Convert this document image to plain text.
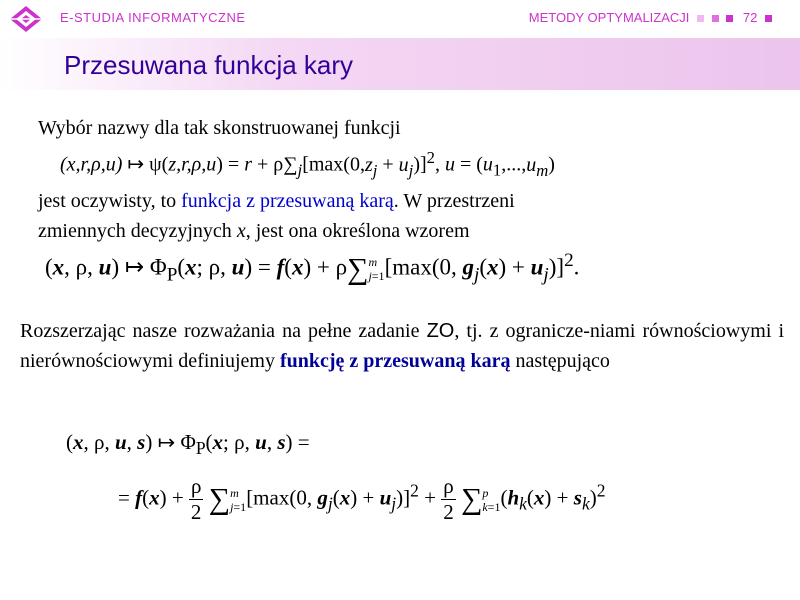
E-STUDIA INFORMATYCZNE	METODY OPTYMALIZACJI	72
Przesuwana funkcja kary
Wybór nazwy dla tak skonstruowanej funkcji
(x,r,ρ,u) ↦ $\psi(z,r,\rho,u) = r + \rho\sum_j[\max(0,z_j + u_j)]^2$, $u = (u_1,...,u_m)$
jest oczywisty, to funkcja z przesuwaną karą. W przestrzeni
zmiennych decyzyjnych x, jest ona określona wzorem
(x, ρ, u) ↦ $\Phi_P(x$; ρ, u) = f(x) + ρ∑m
j=1[max(0, $g_j(x) + u_j)]^2$.
Rozszerzając nasze rozważania na pełne zadanie ZO, tj. z ogranicze-niami równościowymi i nierównościowymi definiujemy funkcję z przesuwaną karą następująco
(x, ρ, u, s) ↦ $\Phi_P(x$; ρ, u, s) =
= $f(x) + \frac{\rho}{2} \sum m$
j=1[max(0, $g_j(x) + u_j)]^2 + \frac{\rho}{2} \sum p$
$k=1(h_k(x) + s_k)^2$
